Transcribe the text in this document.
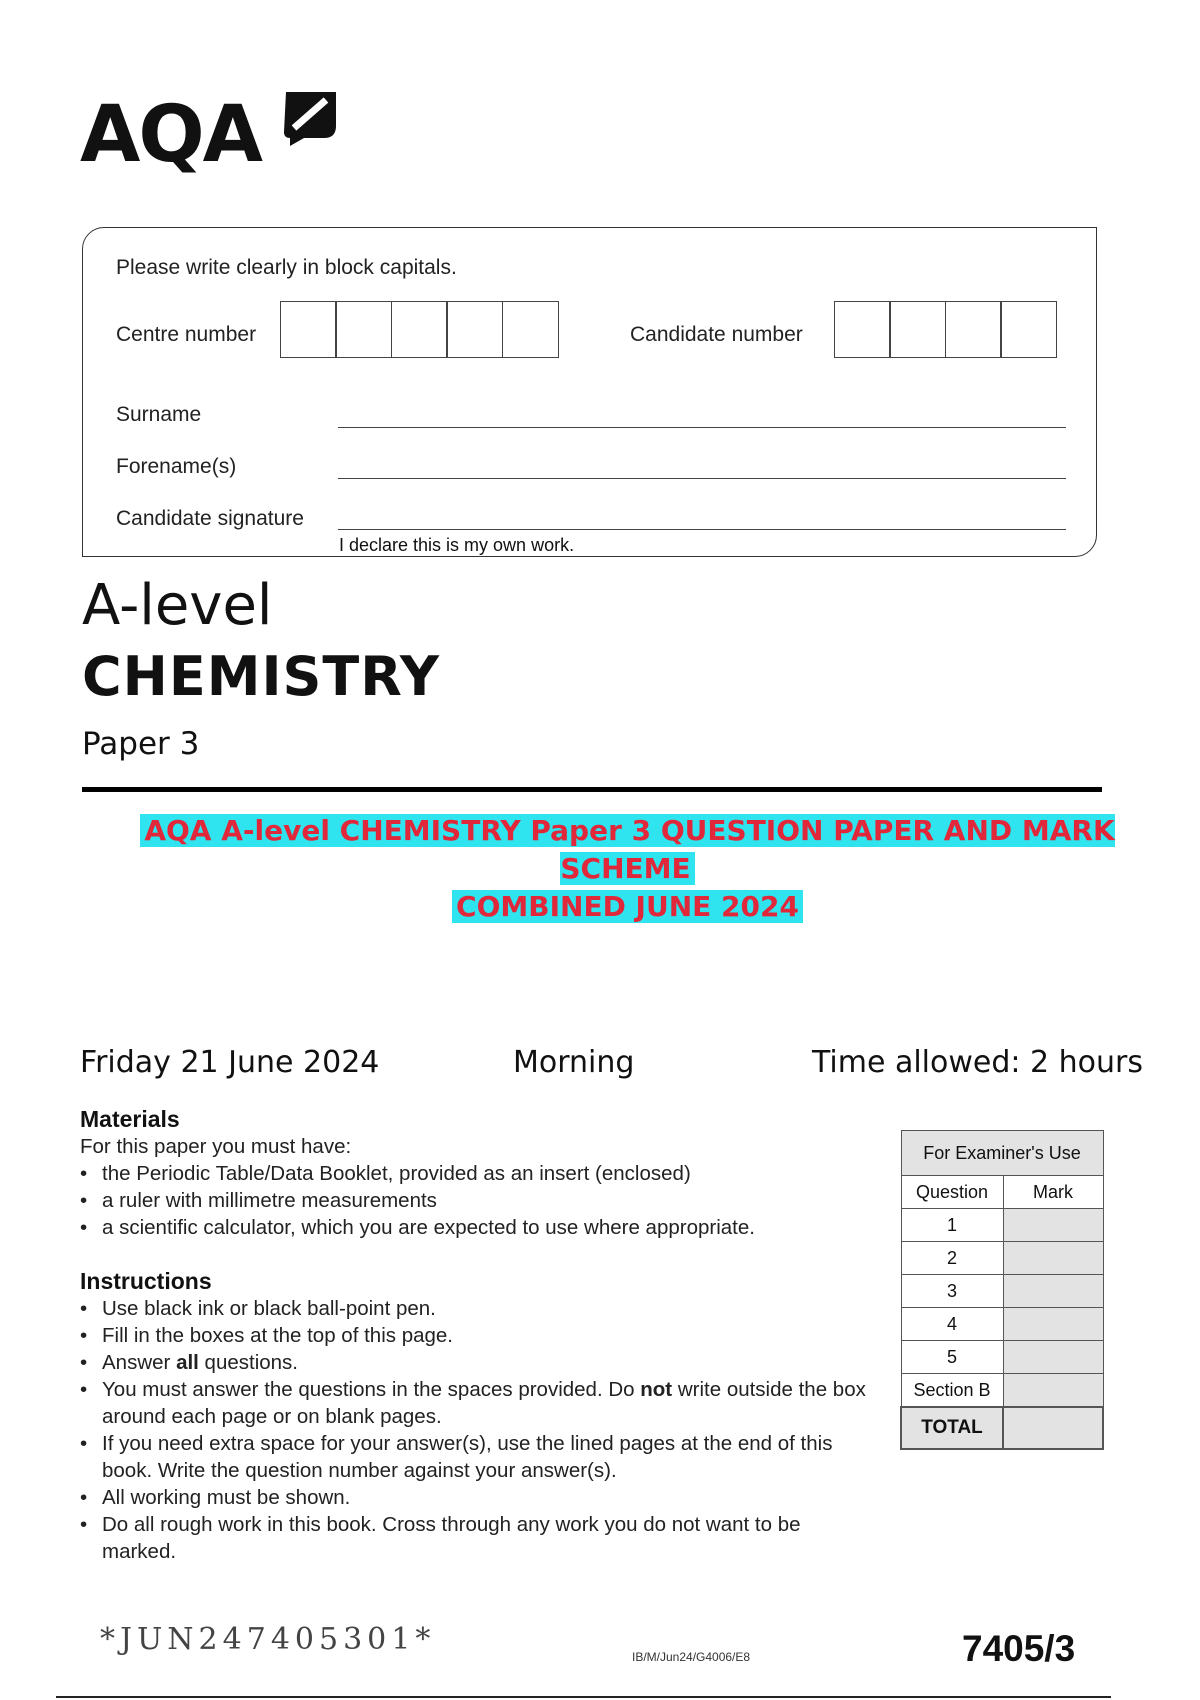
AQA
Please write clearly in block capitals.
Centre number	Candidate number
Surname
Forename(s)
Candidate signature
I declare this is my own work.
A-level
CHEMISTRY
Paper 3
AQA A-level CHEMISTRY Paper 3 QUESTION PAPER AND MARK SCHEME
COMBINED JUNE 2024
Friday 21 June 2024	Morning	Time allowed: 2 hours
Materials
For this paper you must have:
• the Periodic Table/Data Booklet, provided as an insert (enclosed)
• a ruler with millimetre measurements
• a scientific calculator, which you are expected to use where appropriate.
Instructions
• Use black ink or black ball-point pen.
• Fill in the boxes at the top of this page.
• Answer all questions.
• You must answer the questions in the spaces provided. Do not write outside the box around each page or on blank pages.
• If you need extra space for your answer(s), use the lined pages at the end of this book. Write the question number against your answer(s).
• All working must be shown.
• Do all rough work in this book. Cross through any work you do not want to be marked.
For Examiner's Use	
Question	Mark
1	
2	
3	
4	
5	
Section B	
TOTAL	
*JUN247405301*	IB/M/Jun24/G4006/E8	7405/3
